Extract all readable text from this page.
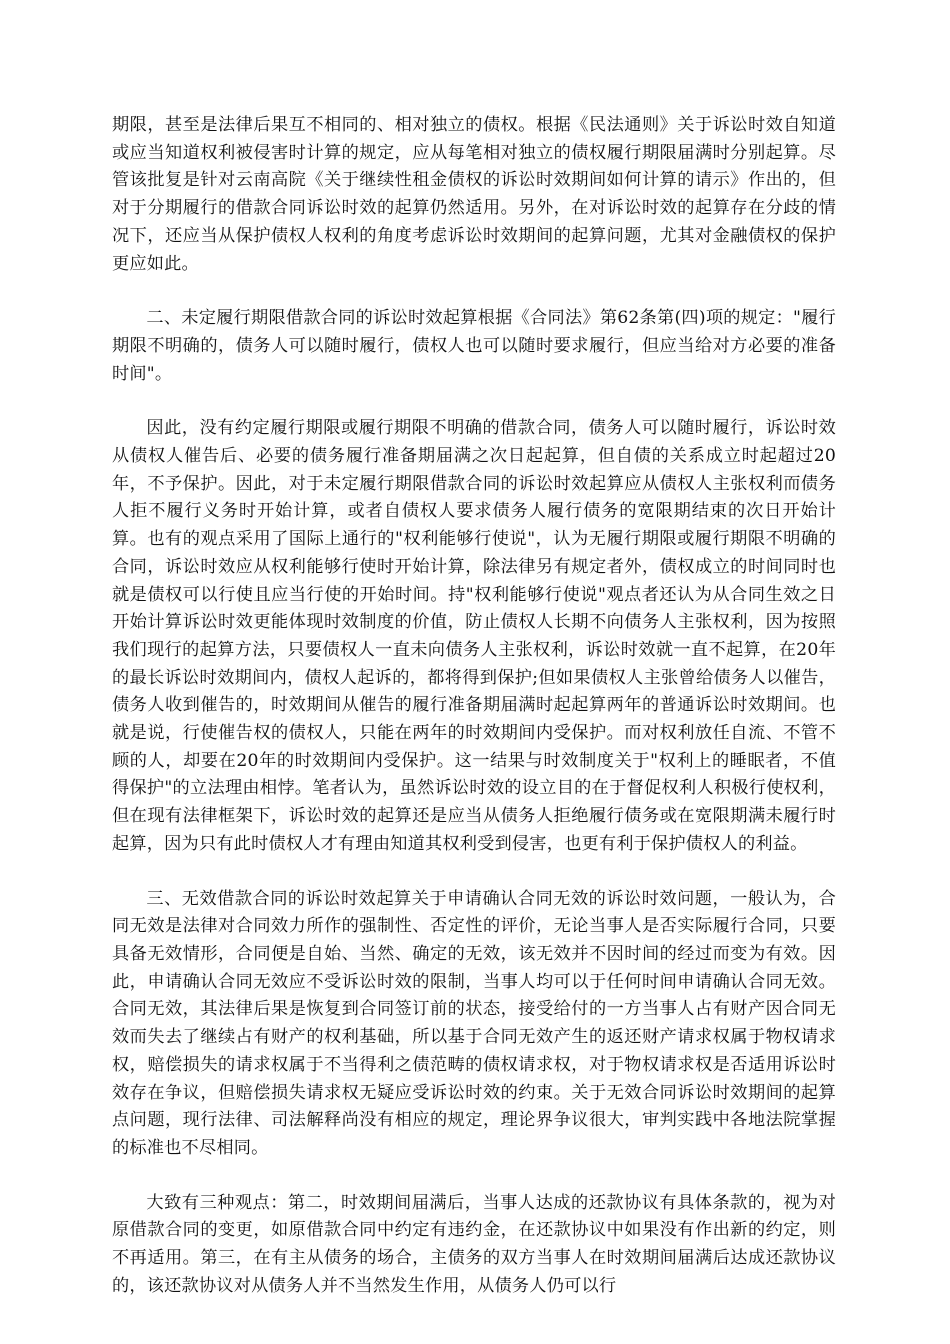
期限，甚至是法律后果互不相同的、相对独立的债权。根据《民法通则》关于诉讼时效自知道或应当知道权利被侵害时计算的规定，应从每笔相对独立的债权履行期限届满时分别起算。尽管该批复是针对云南高院《关于继续性租金债权的诉讼时效期间如何计算的请示》作出的，但对于分期履行的借款合同诉讼时效的起算仍然适用。另外，在对诉讼时效的起算存在分歧的情况下，还应当从保护债权人权利的角度考虑诉讼时效期间的起算问题，尤其对金融债权的保护更应如此。

二、未定履行期限借款合同的诉讼时效起算根据《合同法》第62条第(四)项的规定："履行期限不明确的，债务人可以随时履行，债权人也可以随时要求履行，但应当给对方必要的准备时间"。

因此，没有约定履行期限或履行期限不明确的借款合同，债务人可以随时履行，诉讼时效从债权人催告后、必要的债务履行准备期届满之次日起起算，但自债的关系成立时起超过20年，不予保护。因此，对于未定履行期限借款合同的诉讼时效起算应从债权人主张权利而债务人拒不履行义务时开始计算，或者自债权人要求债务人履行债务的宽限期结束的次日开始计算。也有的观点采用了国际上通行的"权利能够行使说"，认为无履行期限或履行期限不明确的合同，诉讼时效应从权利能够行使时开始计算，除法律另有规定者外，债权成立的时间同时也就是债权可以行使且应当行使的开始时间。持"权利能够行使说"观点者还认为从合同生效之日开始计算诉讼时效更能体现时效制度的价值，防止债权人长期不向债务人主张权利，因为按照我们现行的起算方法，只要债权人一直未向债务人主张权利，诉讼时效就一直不起算，在20年的最长诉讼时效期间内，债权人起诉的，都将得到保护;但如果债权人主张曾给债务人以催告，债务人收到催告的，时效期间从催告的履行准备期届满时起起算两年的普通诉讼时效期间。也就是说，行使催告权的债权人，只能在两年的时效期间内受保护。而对权利放任自流、不管不顾的人，却要在20年的时效期间内受保护。这一结果与时效制度关于"权利上的睡眠者，不值得保护"的立法理由相悖。笔者认为，虽然诉讼时效的设立目的在于督促权利人积极行使权利，但在现有法律框架下，诉讼时效的起算还是应当从债务人拒绝履行债务或在宽限期满未履行时起算，因为只有此时债权人才有理由知道其权利受到侵害，也更有利于保护债权人的利益。

三、无效借款合同的诉讼时效起算关于申请确认合同无效的诉讼时效问题，一般认为，合同无效是法律对合同效力所作的强制性、否定性的评价，无论当事人是否实际履行合同，只要具备无效情形，合同便是自始、当然、确定的无效，该无效并不因时间的经过而变为有效。因此，申请确认合同无效应不受诉讼时效的限制，当事人均可以于任何时间申请确认合同无效。合同无效，其法律后果是恢复到合同签订前的状态，接受给付的一方当事人占有财产因合同无效而失去了继续占有财产的权利基础，所以基于合同无效产生的返还财产请求权属于物权请求权，赔偿损失的请求权属于不当得利之债范畴的债权请求权，对于物权请求权是否适用诉讼时效存在争议，但赔偿损失请求权无疑应受诉讼时效的约束。关于无效合同诉讼时效期间的起算点问题，现行法律、司法解释尚没有相应的规定，理论界争议很大，审判实践中各地法院掌握的标准也不尽相同。

大致有三种观点：第二，时效期间届满后，当事人达成的还款协议有具体条款的，视为对原借款合同的变更，如原借款合同中约定有违约金，在还款协议中如果没有作出新的约定，则不再适用。第三，在有主从债务的场合，主债务的双方当事人在时效期间届满后达成还款协议的，该还款协议对从债务人并不当然发生作用，从债务人仍可以行
